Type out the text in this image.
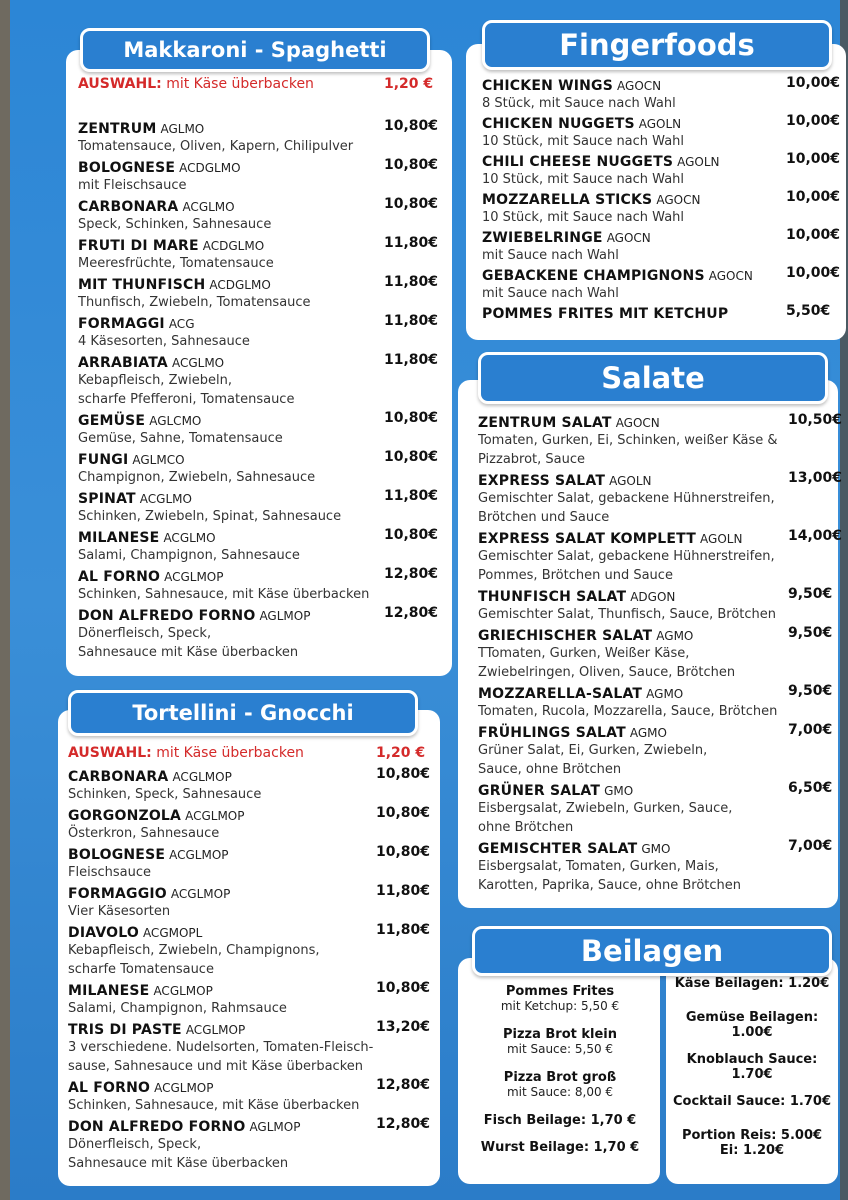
Makkaroni - Spaghetti
AUSWAHL: mit Käse überbacken	1,20 €
ZENTRUM AGLMO	10,80€
Tomatensauce, Oliven, Kapern, Chilipulver
BOLOGNESE ACDGLMO	10,80€
mit Fleischsauce
CARBONARA ACGLMO	10,80€
Speck, Schinken, Sahnesauce
FRUTI DI MARE ACDGLMO	11,80€
Meeresfrüchte, Tomatensauce
MIT THUNFISCH ACDGLMO	11,80€
Thunfisch, Zwiebeln, Tomatensauce
FORMAGGI ACG	11,80€
4 Käsesorten, Sahnesauce
ARRABIATA ACGLMO	11,80€
Kebapfleisch, Zwiebeln,
scharfe Pfefferoni, Tomatensauce
GEMÜSE AGLCMO	10,80€
Gemüse, Sahne, Tomatensauce
FUNGI AGLMCO	10,80€
Champignon, Zwiebeln, Sahnesauce
SPINAT ACGLMO	11,80€
Schinken, Zwiebeln, Spinat, Sahnesauce
MILANESE ACGLMO	10,80€
Salami, Champignon, Sahnesauce
AL FORNO ACGLMOP	12,80€
Schinken, Sahnesauce, mit Käse überbacken
DON ALFREDO FORNO AGLMOP	12,80€
Dönerfleisch, Speck,
Sahnesauce mit Käse überbacken
Tortellini - Gnocchi
AUSWAHL: mit Käse überbacken	1,20 €
CARBONARA ACGLMOP	10,80€
Schinken, Speck, Sahnesauce
GORGONZOLA ACGLMOP	10,80€
Österkron, Sahnesauce
BOLOGNESE ACGLMOP	10,80€
Fleischsauce
FORMAGGIO ACGLMOP	11,80€
Vier Käsesorten
DIAVOLO ACGMOPL	11,80€
Kebapfleisch, Zwiebeln, Champignons,
scharfe Tomatensauce
MILANESE ACGLMOP	10,80€
Salami, Champignon, Rahmsauce
TRIS DI PASTE ACGLMOP	13,20€
3 verschiedene. Nudelsorten, Tomaten-Fleisch-
sause, Sahnesauce und mit Käse überbacken
AL FORNO ACGLMOP	12,80€
Schinken, Sahnesauce, mit Käse überbacken
DON ALFREDO FORNO AGLMOP	12,80€
Dönerfleisch, Speck,
Sahnesauce mit Käse überbacken
Fingerfoods
CHICKEN WINGS AGOCN	10,00€
8 Stück, mit Sauce nach Wahl
CHICKEN NUGGETS AGOLN	10,00€
10 Stück, mit Sauce nach Wahl
CHILI CHEESE NUGGETS AGOLN	10,00€
10 Stück, mit Sauce nach Wahl
MOZZARELLA STICKS AGOCN	10,00€
10 Stück, mit Sauce nach Wahl
ZWIEBELRINGE AGOCN	10,00€
mit Sauce nach Wahl
GEBACKENE CHAMPIGNONS AGOCN 10,00€
mit Sauce nach Wahl
POMMES FRITES MIT KETCHUP	5,50€
Salate
ZENTRUM SALAT AGOCN	10,50€
Tomaten, Gurken, Ei, Schinken, weißer Käse &
Pizzabrot, Sauce
EXPRESS SALAT AGOLN	13,00€
Gemischter Salat, gebackene Hühnerstreifen,
Brötchen und Sauce
EXPRESS SALAT KOMPLETT AGOLN	14,00€
Gemischter Salat, gebackene Hühnerstreifen,
Pommes, Brötchen und Sauce
THUNFISCH SALAT ADGON	9,50€
Gemischter Salat, Thunfisch, Sauce, Brötchen
GRIECHISCHER SALAT AGMO	9,50€
TTomaten, Gurken, Weißer Käse,
Zwiebelringen, Oliven, Sauce, Brötchen
MOZZARELLA-SALAT AGMO	9,50€
Tomaten, Rucola, Mozzarella, Sauce, Brötchen
FRÜHLINGS SALAT AGMO	7,00€
Grüner Salat, Ei, Gurken, Zwiebeln,
Sauce, ohne Brötchen
GRÜNER SALAT GMO	6,50€
Eisbergsalat, Zwiebeln, Gurken, Sauce,
ohne Brötchen
GEMISCHTER SALAT GMO	7,00€
Eisbergsalat, Tomaten, Gurken, Mais,
Karotten, Paprika, Sauce, ohne Brötchen
Beilagen
Pommes Frites
mit Ketchup: 5,50 €
Pizza Brot klein
mit Sauce: 5,50 €
Pizza Brot groß
mit Sauce: 8,00 €
Fisch Beilage: 1,70 €
Wurst Beilage: 1,70 €
Käse Beilagen: 1.20€
Gemüse Beilagen:
1.00€
Knoblauch Sauce:
1.70€
Cocktail Sauce: 1.70€
Portion Reis: 5.00€
Ei: 1.20€
